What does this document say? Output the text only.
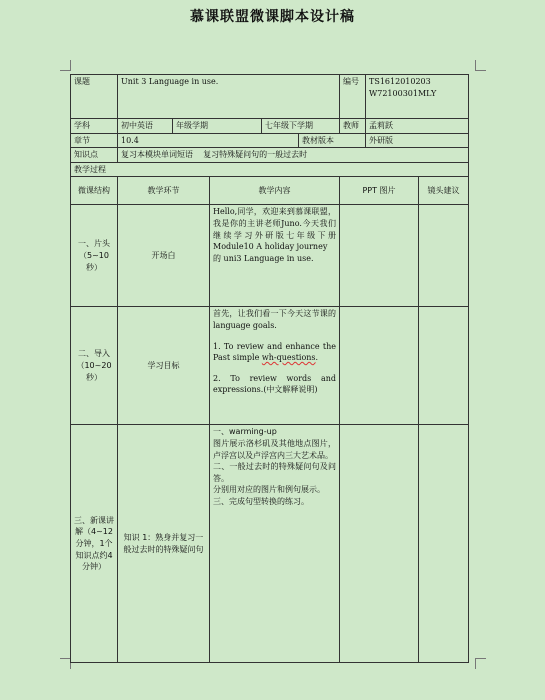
慕课联盟微课脚本设计稿
课题	Unit 3 Language in use.					编号	TS1612010203
W72100301MLY	

学科	初中英语	年级学期		七年级下学期		教师	孟莉跃	
章节	10.4				教材版本		外研版	
知识点	复习本模块单词短语 复习特殊疑问句的一般过去时							
教学过程								
微课结构	教学环节		教学内容			PPT 图片		镜头建议
一、片头（5~10秒）	开场白		Hello,同学，欢迎来到慕课联盟，我是你的主讲老师Juno.今天我们继续学习外研版七年级下册 Module10 A holiday journey

的 uni3 Language in use.					

二、导入（10~20秒）	学习目标		首先，让我们看一下今天这节课的 language goals.

1. To review and enhance the Past simple wh-questions.

2. To review words and expressions.(中文解释说明)					

三、新课讲解（4~12分钟，1个知识点约4分钟）	知识 1：熟身并复习一般过去时的特殊疑问句		一、warming-up

图片展示洛杉矶及其他地点图片，卢浮宫以及卢浮宫内三大艺术品。

二、一般过去时的特殊疑问句及问答。

分别用对应的图片和例句展示。

三、完成句型转换的练习。					
